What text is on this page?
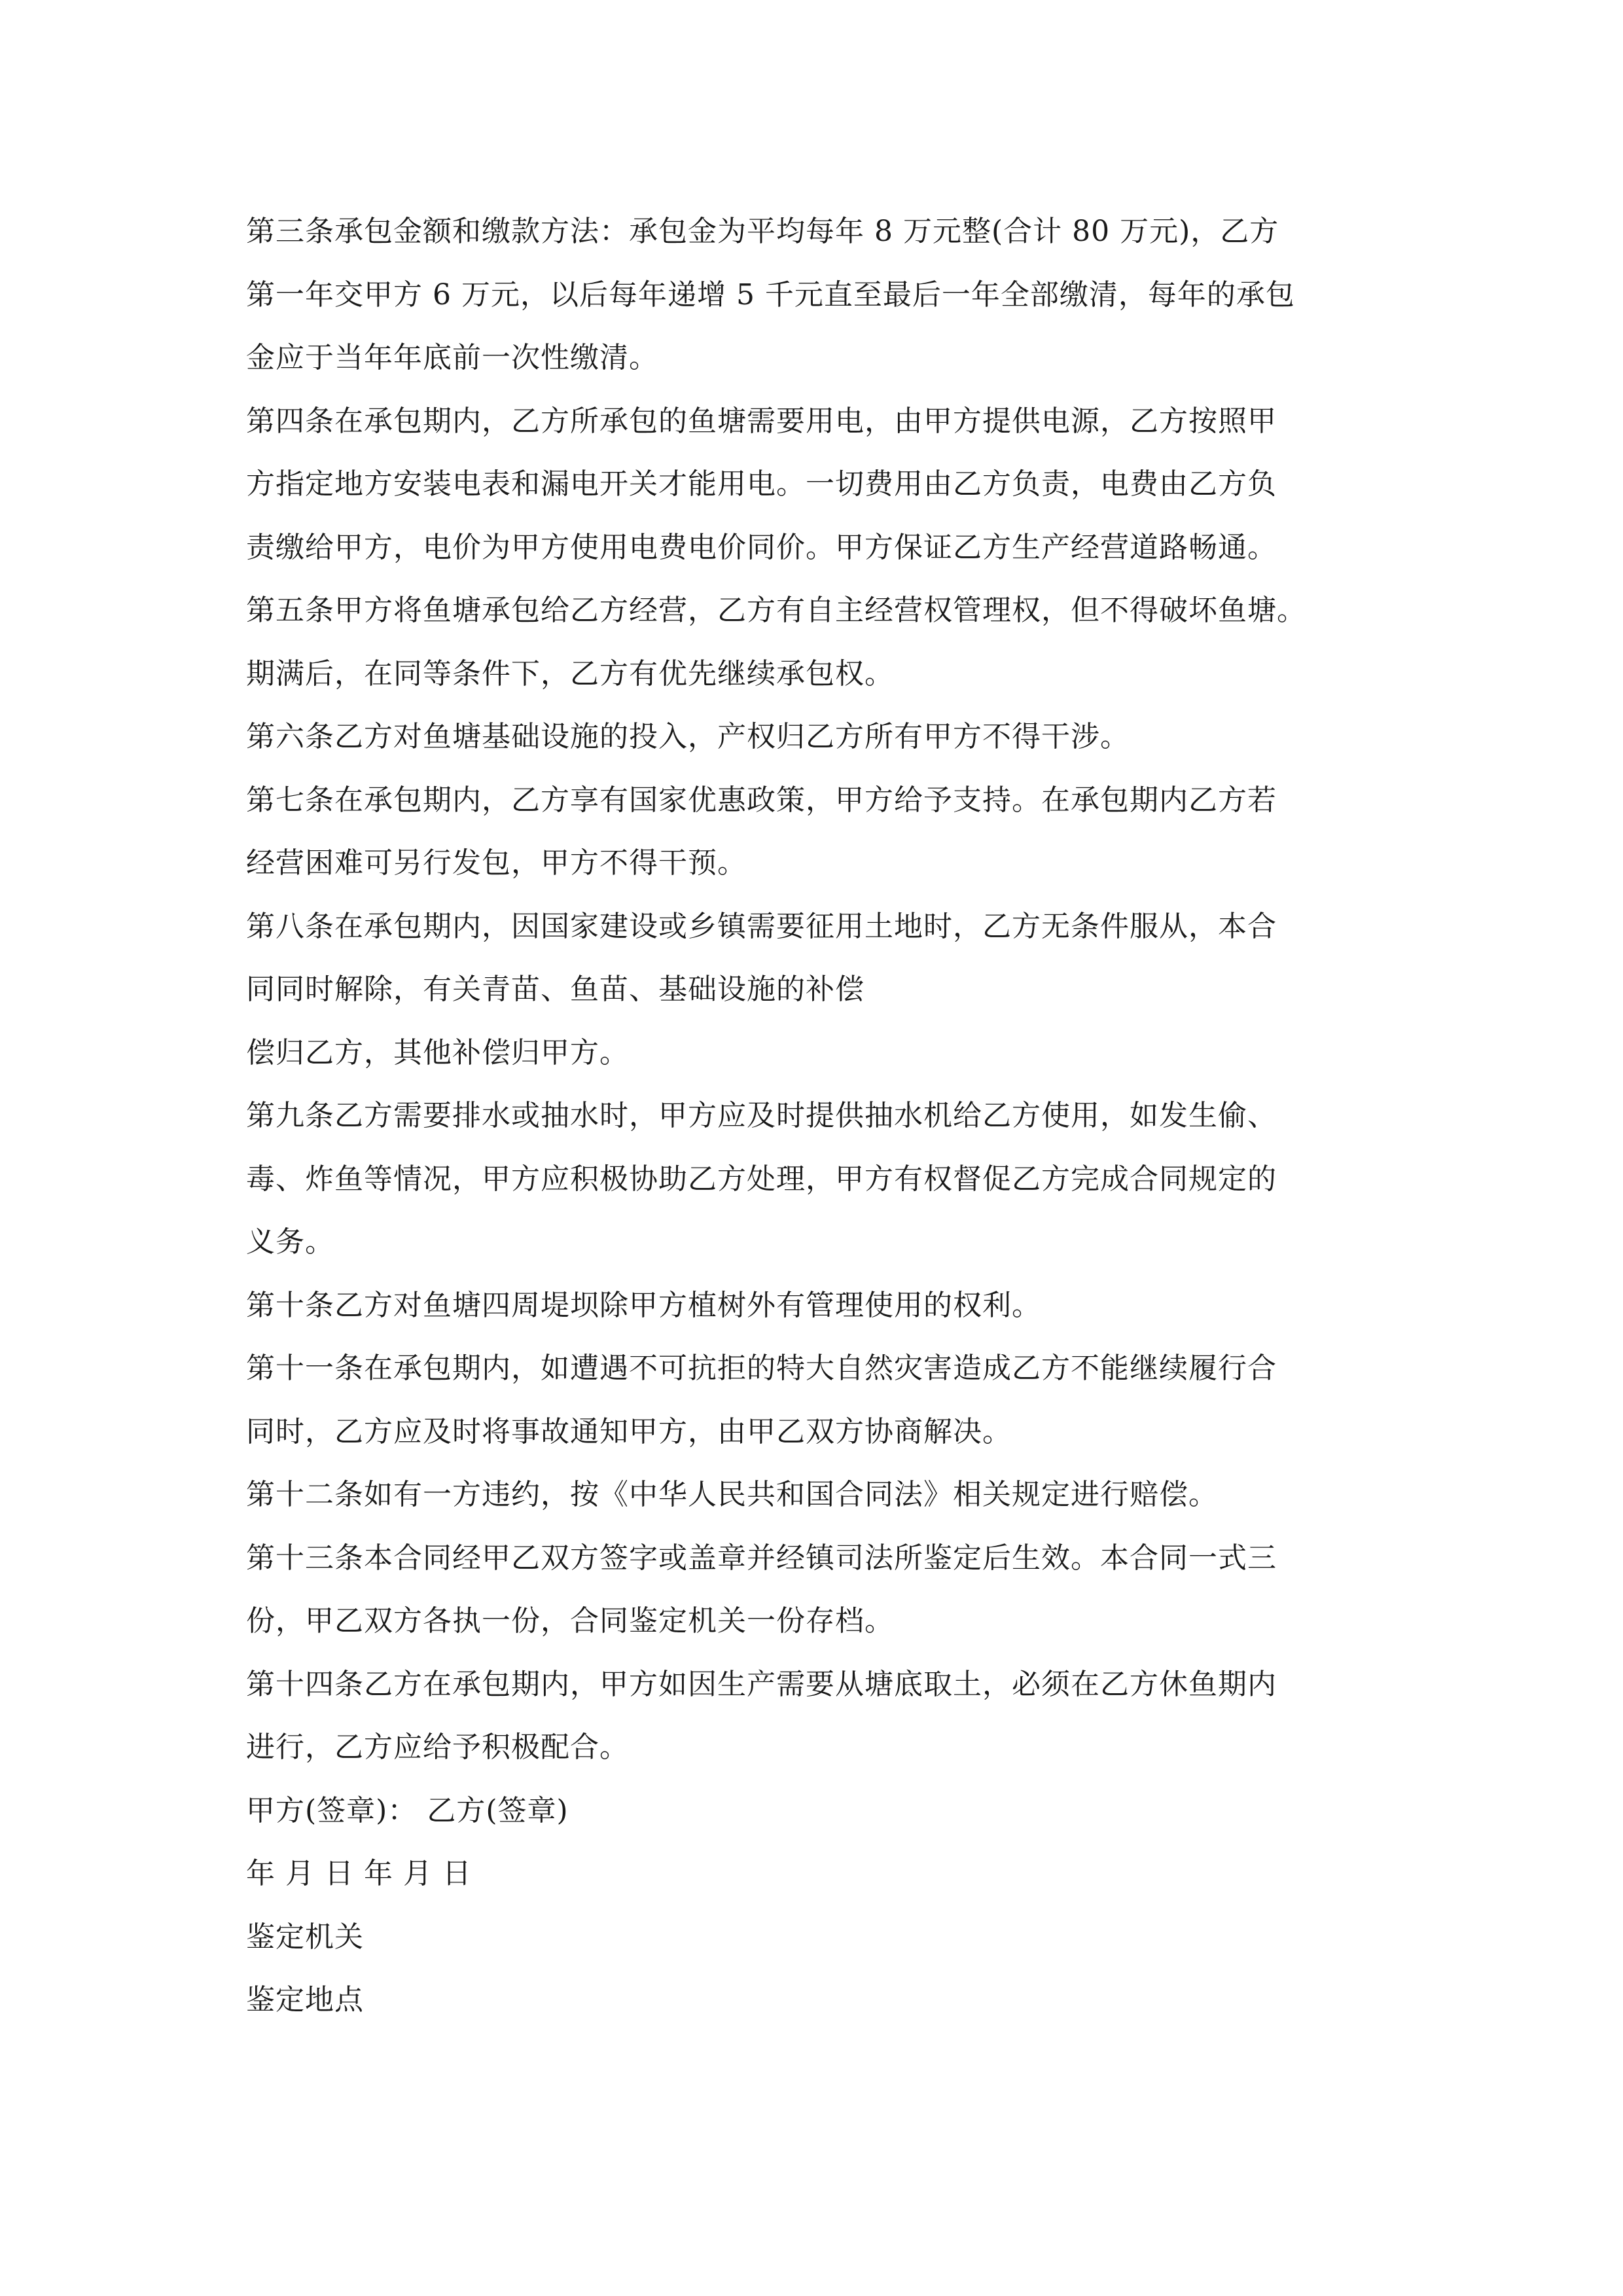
第三条承包金额和缴款方法：承包金为平均每年 8 万元整(合计 80 万元)，乙方
第一年交甲方 6 万元，以后每年递增 5 千元直至最后一年全部缴清，每年的承包
金应于当年年底前一次性缴清。
第四条在承包期内，乙方所承包的鱼塘需要用电，由甲方提供电源，乙方按照甲
方指定地方安装电表和漏电开关才能用电。一切费用由乙方负责，电费由乙方负
责缴给甲方，电价为甲方使用电费电价同价。甲方保证乙方生产经营道路畅通。
第五条甲方将鱼塘承包给乙方经营，乙方有自主经营权管理权，但不得破坏鱼塘。
期满后，在同等条件下，乙方有优先继续承包权。
第六条乙方对鱼塘基础设施的投入，产权归乙方所有甲方不得干涉。
第七条在承包期内，乙方享有国家优惠政策，甲方给予支持。在承包期内乙方若
经营困难可另行发包，甲方不得干预。
第八条在承包期内，因国家建设或乡镇需要征用土地时，乙方无条件服从，本合
同同时解除，有关青苗、鱼苗、基础设施的补偿
偿归乙方，其他补偿归甲方。
第九条乙方需要排水或抽水时，甲方应及时提供抽水机给乙方使用，如发生偷、
毒、炸鱼等情况，甲方应积极协助乙方处理，甲方有权督促乙方完成合同规定的
义务。
第十条乙方对鱼塘四周堤坝除甲方植树外有管理使用的权利。
第十一条在承包期内，如遭遇不可抗拒的特大自然灾害造成乙方不能继续履行合
同时，乙方应及时将事故通知甲方，由甲乙双方协商解决。
第十二条如有一方违约，按《中华人民共和国合同法》相关规定进行赔偿。
第十三条本合同经甲乙双方签字或盖章并经镇司法所鉴定后生效。本合同一式三
份，甲乙双方各执一份，合同鉴定机关一份存档。
第十四条乙方在承包期内，甲方如因生产需要从塘底取土，必须在乙方休鱼期内
进行，乙方应给予积极配合。
甲方(签章)： 乙方(签章)
年 月 日 年 月 日
鉴定机关
鉴定地点
